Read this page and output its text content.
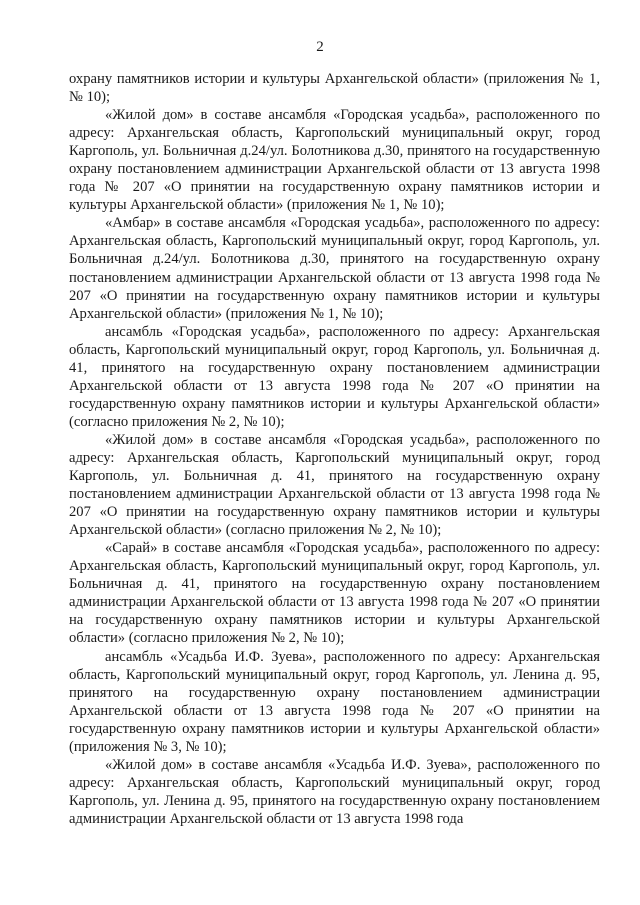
2

охрану памятников истории и культуры Архангельской области» (приложения № 1, № 10);

«Жилой дом» в составе ансамбля «Городская усадьба», расположенного по адресу: Архангельская область, Каргопольский муниципальный округ, город Каргополь, ул. Больничная д.24/ул. Болотникова д.30, принятого на государственную охрану постановлением администрации Архангельской области от 13 августа 1998 года № 207 «О принятии на государственную охрану памятников истории и культуры Архангельской области» (приложения № 1, № 10);

«Амбар» в составе ансамбля «Городская усадьба», расположенного по адресу: Архангельская область, Каргопольский муниципальный округ, город Каргополь, ул. Больничная д.24/ул. Болотникова д.30, принятого на государственную охрану постановлением администрации Архангельской области от 13 августа 1998 года № 207 «О принятии на государственную охрану памятников истории и культуры Архангельской области» (приложения № 1, № 10);

ансамбль «Городская усадьба», расположенного по адресу: Архангельская область, Каргопольский муниципальный округ, город Каргополь, ул. Больничная д. 41, принятого на государственную охрану постановлением администрации Архангельской области от 13 августа 1998 года № 207 «О принятии на государственную охрану памятников истории и культуры Архангельской области» (согласно приложения № 2, № 10);

«Жилой дом» в составе ансамбля «Городская усадьба», расположенного по адресу: Архангельская область, Каргопольский муниципальный округ, город Каргополь, ул. Больничная д. 41, принятого на государственную охрану постановлением администрации Архангельской области от 13 августа 1998 года № 207 «О принятии на государственную охрану памятников истории и культуры Архангельской области» (согласно приложения № 2, № 10);

«Сарай» в составе ансамбля «Городская усадьба», расположенного по адресу: Архангельская область, Каргопольский муниципальный округ, город Каргополь, ул. Больничная д. 41, принятого на государственную охрану постановлением администрации Архангельской области от 13 августа 1998 года № 207 «О принятии на государственную охрану памятников истории и культуры Архангельской области» (согласно приложения № 2, № 10);

ансамбль «Усадьба И.Ф. Зуева», расположенного по адресу: Архангельская область, Каргопольский муниципальный округ, город Каргополь, ул. Ленина д. 95, принятого на государственную охрану постановлением администрации Архангельской области от 13 августа 1998 года № 207 «О принятии на государственную охрану памятников истории и культуры Архангельской области» (приложения № 3, № 10);

«Жилой дом» в составе ансамбля «Усадьба И.Ф. Зуева», расположенного по адресу: Архангельская область, Каргопольский муниципальный округ, город Каргополь, ул. Ленина д. 95, принятого на государственную охрану постановлением администрации Архангельской области от 13 августа 1998 года
